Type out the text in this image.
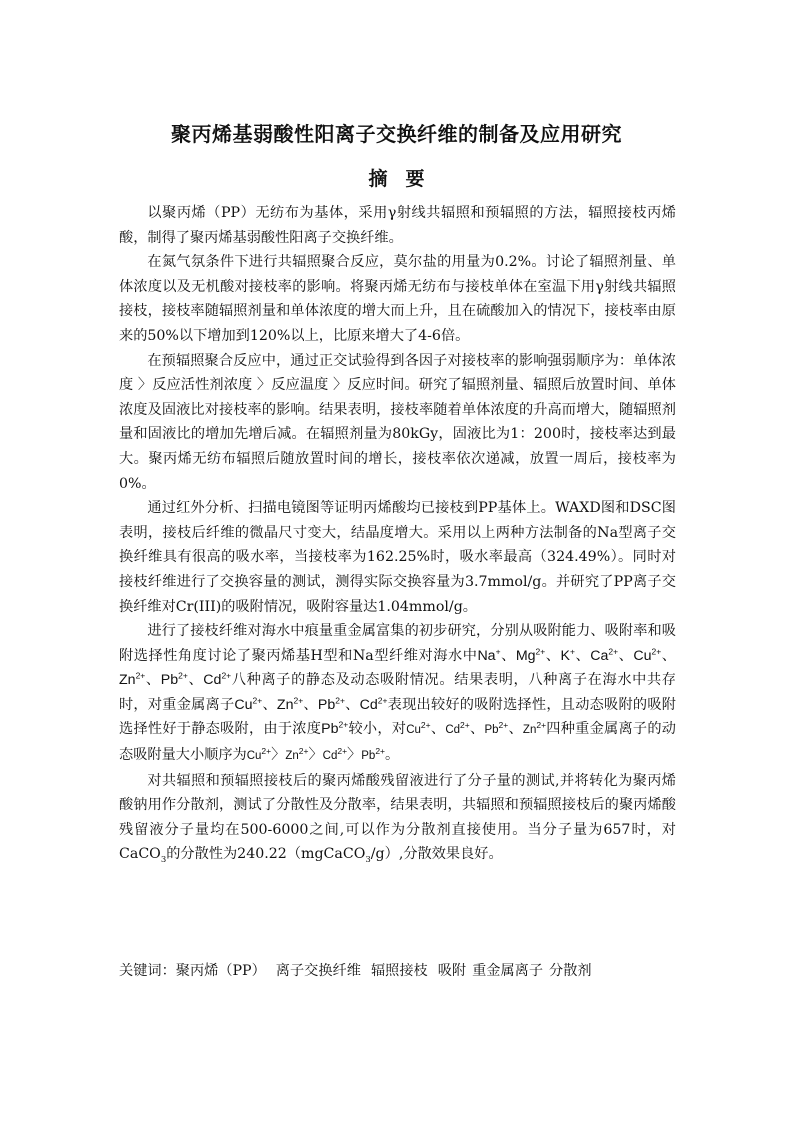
聚丙烯基弱酸性阳离子交换纤维的制备及应用研究
摘 要

以聚丙烯（PP）无纺布为基体，采用γ射线共辐照和预辐照的方法，辐照接枝丙烯酸，制得了聚丙烯基弱酸性阳离子交换纤维。

在氮气氛条件下进行共辐照聚合反应，莫尔盐的用量为0.2%。讨论了辐照剂量、单体浓度以及无机酸对接枝率的影响。将聚丙烯无纺布与接枝单体在室温下用γ射线共辐照接枝，接枝率随辐照剂量和单体浓度的增大而上升，且在硫酸加入的情况下，接枝率由原来的50%以下增加到120%以上，比原来增大了4-6倍。

在预辐照聚合反应中，通过正交试验得到各因子对接枝率的影响强弱顺序为：单体浓度 〉反应活性剂浓度 〉反应温度 〉反应时间。研究了辐照剂量、辐照后放置时间、单体浓度及固液比对接枝率的影响。结果表明，接枝率随着单体浓度的升高而增大，随辐照剂量和固液比的增加先增后减。在辐照剂量为80kGy，固液比为1：200时，接枝率达到最大。聚丙烯无纺布辐照后随放置时间的增长，接枝率依次递减，放置一周后，接枝率为0%。

通过红外分析、扫描电镜图等证明丙烯酸均已接枝到PP基体上。WAXD图和DSC图表明，接枝后纤维的微晶尺寸变大，结晶度增大。采用以上两种方法制备的Na型离子交换纤维具有很高的吸水率，当接枝率为162.25%时，吸水率最高（324.49%）。同时对接枝纤维进行了交换容量的测试，测得实际交换容量为3.7mmol/g。并研究了PP离子交换纤维对Cr(III)的吸附情况，吸附容量达1.04mmol/g。

进行了接枝纤维对海水中痕量重金属富集的初步研究，分别从吸附能力、吸附率和吸附选择性角度讨论了聚丙烯基H型和Na型纤维对海水中Na+、$Mg^{2+}$、K+、$Ca^{2+}$、$Cu^{2+}$、$Zn^{2+}$、$Pb^{2+}$、$Cd^{2+}$八种离子的静态及动态吸附情况。结果表明，八种离子在海水中共存时，对重金属离子$Cu^{2+}$、$Zn^{2+}$、$Pb^{2+}$、$Cd^{2+}$表现出较好的吸附选择性，且动态吸附的吸附选择性好于静态吸附，由于浓度$Pb^{2+}$较小，对$Cu^{2+}$、$Cd^{2+}$、$Pb^{2+}$、$Zn^{2+}$四种重金属离子的动态吸附量大小顺序为$Cu^{2+}$〉$Zn^{2+}$〉$Cd^{2+}$〉$Pb^{2+}$。

对共辐照和预辐照接枝后的聚丙烯酸残留液进行了分子量的测试,并将转化为聚丙烯酸钠用作分散剂，测试了分散性及分散率，结果表明，共辐照和预辐照接枝后的聚丙烯酸残留液分子量均在500-6000之间,可以作为分散剂直接使用。当分子量为657时，对CaCO$_3$的分散性为240.22（mgCaCO$_3$/g）,分散效果良好。

关键词：聚丙烯（PP） 离子交换纤维 辐照接枝 吸附 重金属离子 分散剂
